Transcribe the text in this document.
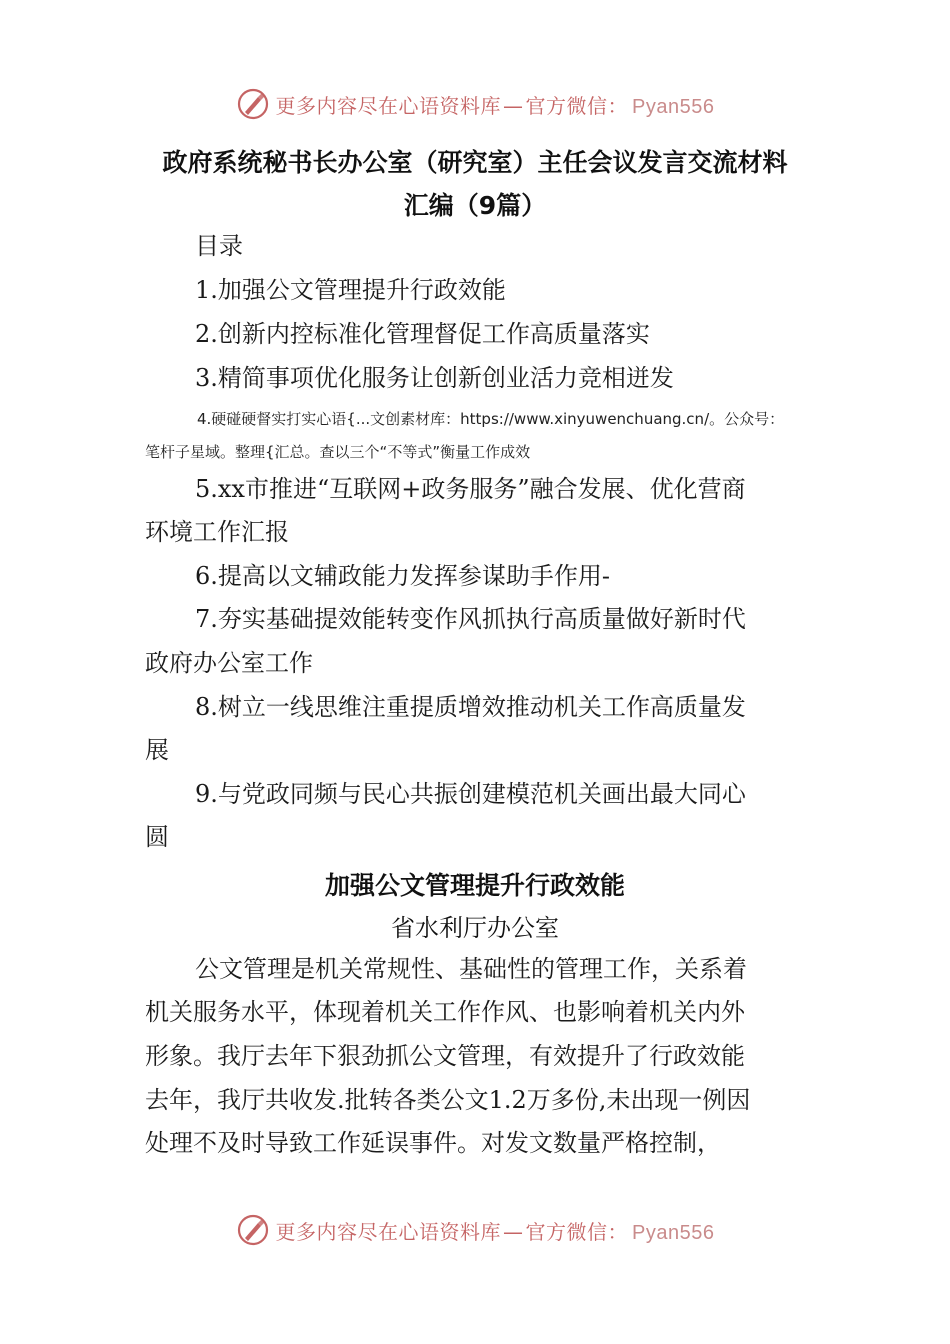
更多内容尽在心语资料库 — 官方微信： Pyan556
政府系统秘书长办公室（研究室）主任会议发言交流材料
汇编（9篇）
目录
1.加强公文管理提升行政效能
2.创新内控标准化管理督促工作高质量落实
3.精简事项优化服务让创新创业活力竞相迸发
4.硬碰硬督实打实心语{...文创素材库：https://www.xinyuwenchuang.cn/。公众号：
笔杆子星域。整理{汇总。查以三个“不等式”衡量工作成效
5.xx市推进“互联网+政务服务”融合发展、优化营商
环境工作汇报
6.提高以文辅政能力发挥参谋助手作用-
7.夯实基础提效能转变作风抓执行高质量做好新时代
政府办公室工作
8.树立一线思维注重提质增效推动机关工作高质量发
展
9.与党政同频与民心共振创建模范机关画出最大同心
圆
加强公文管理提升行政效能
省水利厅办公室
公文管理是机关常规性、基础性的管理工作，关系着
机关服务水平，体现着机关工作作风、也影响着机关内外
形象。我厅去年下狠劲抓公文管理，有效提升了行政效能
去年，我厅共收发.批转各类公文1.2万多份,未出现一例因
处理不及时导致工作延误事件。对发文数量严格控制，
更多内容尽在心语资料库 — 官方微信： Pyan556
